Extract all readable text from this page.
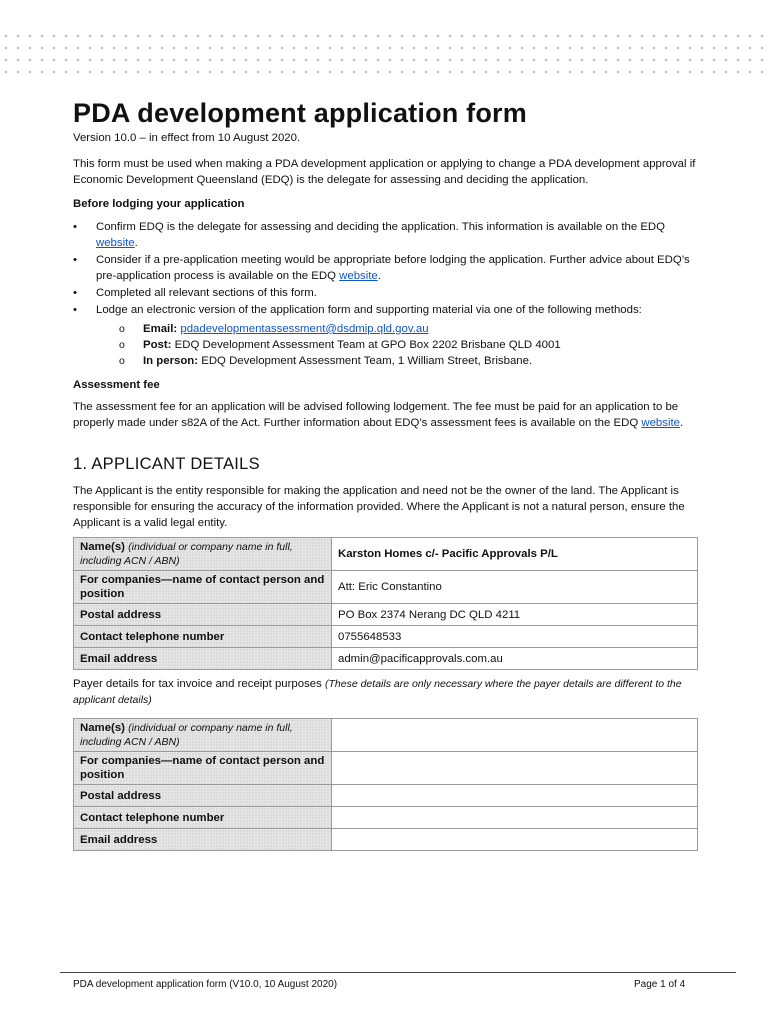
PDA development application form

Version 10.0 – in effect from 10 August 2020.

This form must be used when making a PDA development application or applying to change a PDA development approval if Economic Development Queensland (EDQ) is the delegate for assessing and deciding the application.

Before lodging your application

• Confirm EDQ is the delegate for assessing and deciding the application. This information is available on the EDQ website.
• Consider if a pre-application meeting would be appropriate before lodging the application. Further advice about EDQ’s pre-application process is available on the EDQ website.
• Completed all relevant sections of this form.
• Lodge an electronic version of the application form and supporting material via one of the following methods:
o Email: pdadevelopmentassessment@dsdmip.qld.gov.au
o Post: EDQ Development Assessment Team at GPO Box 2202 Brisbane QLD 4001
o In person: EDQ Development Assessment Team, 1 William Street, Brisbane.

Assessment fee

The assessment fee for an application will be advised following lodgement. The fee must be paid for an application to be properly made under s82A of the Act. Further information about EDQ’s assessment fees is available on the EDQ website.

1. APPLICANT DETAILS

The Applicant is the entity responsible for making the application and need not be the owner of the land. The Applicant is responsible for ensuring the accuracy of the information provided. Where the Applicant is not a natural person, ensure the Applicant is a valid legal entity.

Name(s) (individual or company name in full, including ACN / ABN)	Karston Homes c/- Pacific Approvals P/L
For companies—name of contact person and position	Att: Eric Constantino
Postal address	PO Box 2374 Nerang DC QLD 4211
Contact telephone number	0755648533
Email address	admin@pacificapprovals.com.au

Payer details for tax invoice and receipt purposes (These details are only necessary where the payer details are different to the applicant details)

Name(s) (individual or company name in full, including ACN / ABN)	
For companies—name of contact person and position	
Postal address	
Contact telephone number	
Email address	
PDA development application form (V10.0, 10 August 2020)	Page 1 of 4
